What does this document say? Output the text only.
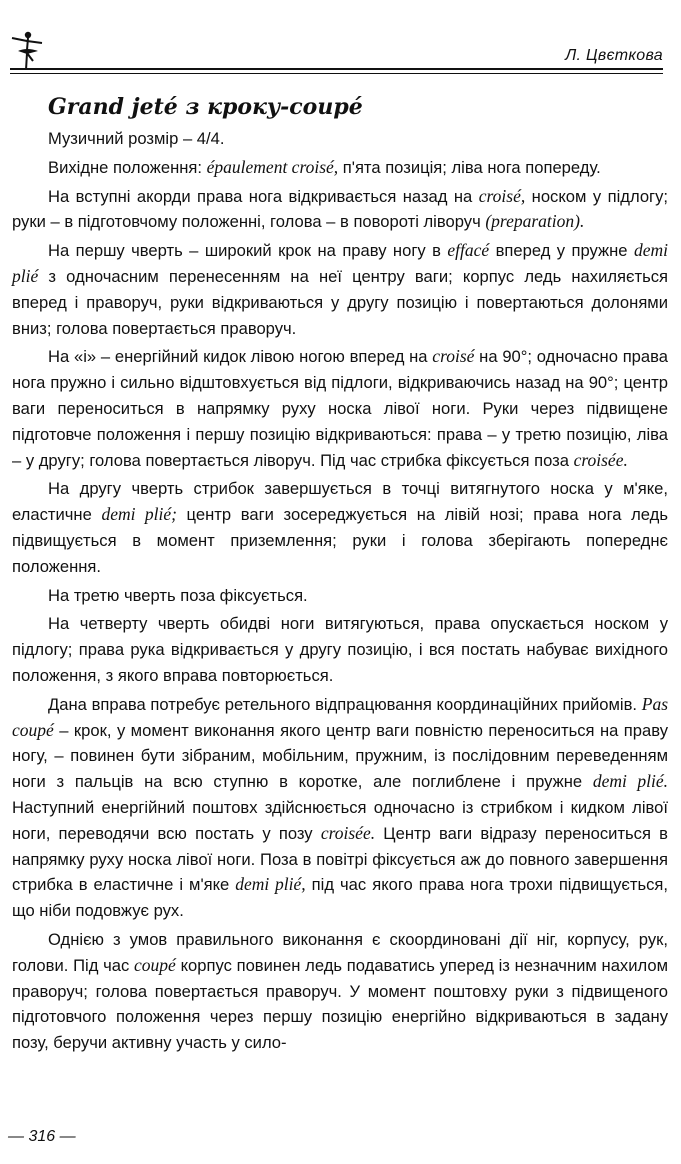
Л. Цвєткова
Grand jeté з кроку-coupé

Музичний розмір – 4/4.

Вихідне положення: épaulement croisé, п'ята позиція; ліва нога попереду.

На вступні акорди права нога відкривається назад на croisé, носком у підлогу; руки – в підготовчому положенні, голова – в повороті ліворуч (preparation).

На першу чверть – широкий крок на праву ногу в effacé вперед у пружне demi plié з одночасним перенесенням на неї центру ваги; корпус ледь нахиляється вперед і праворуч, руки відкриваються у другу позицію і повертаються долонями вниз; голова повертається праворуч.

На «і» – енергійний кидок лівою ногою вперед на croisé на 90°; одночасно права нога пружно і сильно відштовхується від підлоги, відкриваючись назад на 90°; центр ваги переноситься в напрямку руху носка лівої ноги. Руки через підвищене підготовче положення і першу позицію відкриваються: права – у третю позицію, ліва – у другу; голова повертається ліворуч. Під час стрибка фіксується поза croisée.

На другу чверть стрибок завершується в точці витягнутого носка у м'яке, еластичне demi plié; центр ваги зосереджується на лівій нозі; права нога ледь підвищується в момент приземлення; руки і голова зберігають попереднє положення.

На третю чверть поза фіксується.

На четверту чверть обидві ноги витягуються, права опускається носком у підлогу; права рука відкривається у другу позицію, і вся постать набуває вихідного положення, з якого вправа повторюється.

Дана вправа потребує ретельного відпрацювання координаційних прийомів. Pas coupé – крок, у момент виконання якого центр ваги повністю переноситься на праву ногу, – повинен бути зібраним, мобільним, пружним, із послідовним переведенням ноги з пальців на всю ступню в коротке, але поглиблене і пружне demi plié. Наступний енергійний поштовх здійснюється одночасно із стрибком і кидком лівої ноги, переводячи всю постать у позу croisée. Центр ваги відразу переноситься в напрямку руху носка лівої ноги. Поза в повітрі фіксується аж до повного завершення стрибка в еластичне і м'яке demi plié, під час якого права нога трохи підвищується, що ніби подовжує рух.

Однією з умов правильного виконання є скоординовані дії ніг, корпусу, рук, голови. Під час coupé корпус повинен ледь подаватись уперед із незначним нахилом праворуч; голова повертається праворуч. У момент поштовху руки з підвищеного підготовчого положення через першу позицію енергійно відкриваються в задану позу, беручи активну участь у сило-

— 316 —
